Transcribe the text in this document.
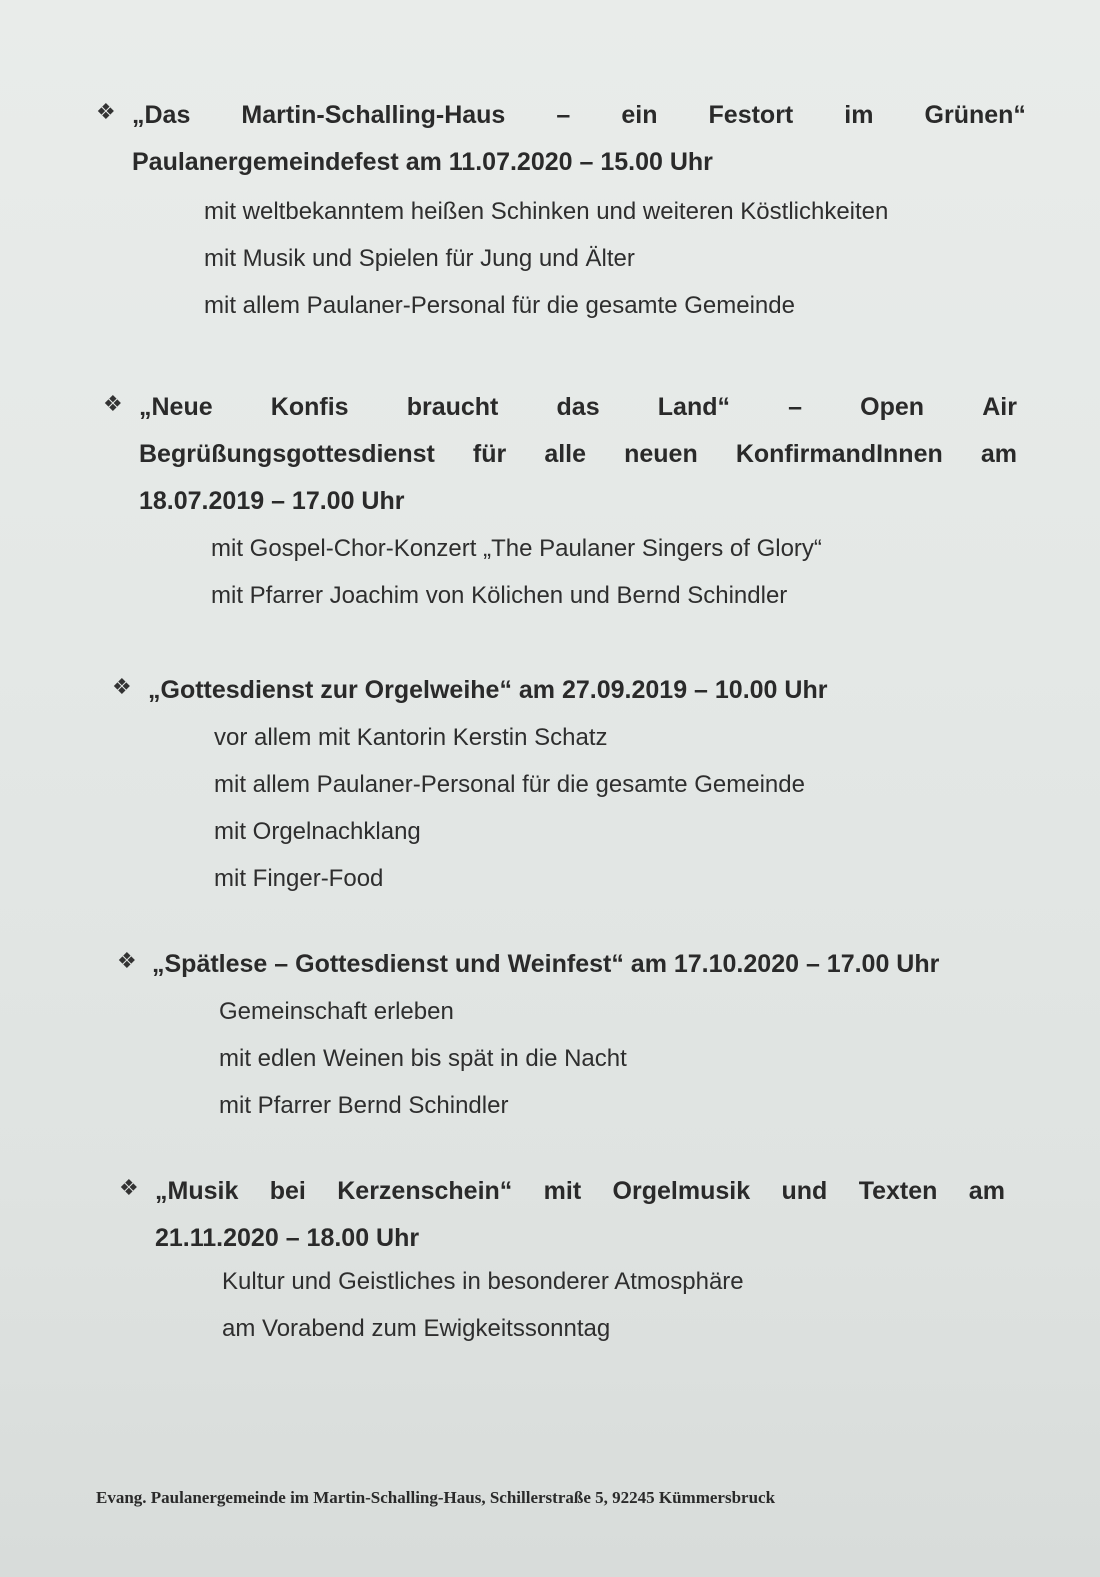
❖ „Das Martin-Schalling-Haus – ein Festort im Grünen“
Paulanergemeindefest am 11.07.2020 – 15.00 Uhr
mit weltbekanntem heißen Schinken und weiteren Köstlichkeiten
mit Musik und Spielen für Jung und Älter
mit allem Paulaner-Personal für die gesamte Gemeinde
❖ „Neue Konfis braucht das Land“ – Open Air
Begrüßungsgottesdienst für alle neuen KonfirmandInnen am
18.07.2019 – 17.00 Uhr
mit Gospel-Chor-Konzert „The Paulaner Singers of Glory“
mit Pfarrer Joachim von Kölichen und Bernd Schindler
❖ „Gottesdienst zur Orgelweihe“ am 27.09.2019 – 10.00 Uhr
vor allem mit Kantorin Kerstin Schatz
mit allem Paulaner-Personal für die gesamte Gemeinde
mit Orgelnachklang
mit Finger-Food
❖ „Spätlese – Gottesdienst und Weinfest“ am 17.10.2020 – 17.00 Uhr
Gemeinschaft erleben
mit edlen Weinen bis spät in die Nacht
mit Pfarrer Bernd Schindler
❖ „Musik bei Kerzenschein“ mit Orgelmusik und Texten am
21.11.2020 – 18.00 Uhr
Kultur und Geistliches in besonderer Atmosphäre
am Vorabend zum Ewigkeitssonntag
Evang. Paulanergemeinde im Martin-Schalling-Haus, Schillerstraße 5, 92245 Kümmersbruck
